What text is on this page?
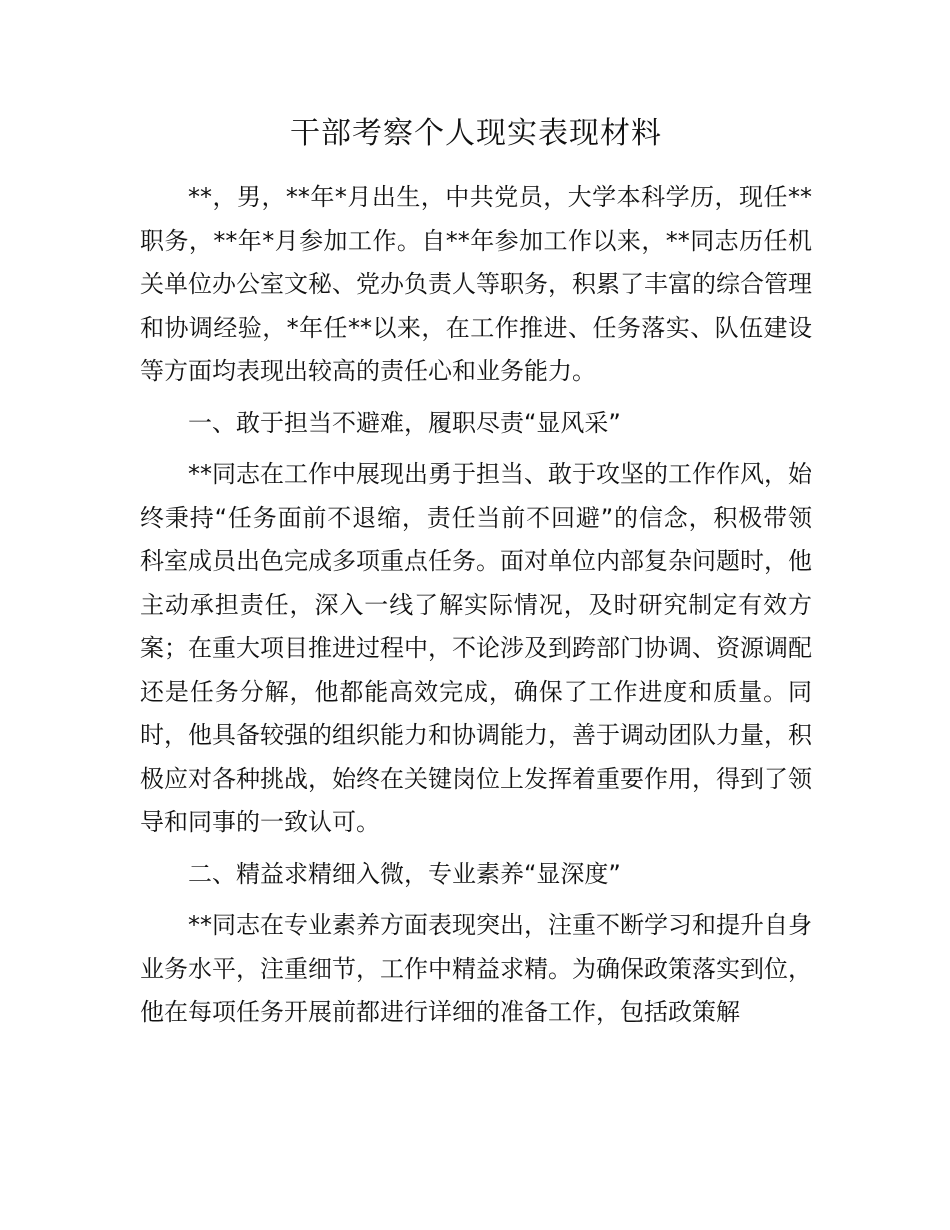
干部考察个人现实表现材料

**，男，**年*月出生，中共党员，大学本科学历，现任**职务，**年*月参加工作。自**年参加工作以来，**同志历任机关单位办公室文秘、党办负责人等职务，积累了丰富的综合管理和协调经验，*年任**以来，在工作推进、任务落实、队伍建设等方面均表现出较高的责任心和业务能力。

一、敢于担当不避难，履职尽责“显风采”

**同志在工作中展现出勇于担当、敢于攻坚的工作作风，始终秉持“任务面前不退缩，责任当前不回避”的信念，积极带领科室成员出色完成多项重点任务。面对单位内部复杂问题时，他主动承担责任，深入一线了解实际情况，及时研究制定有效方案；在重大项目推进过程中，不论涉及到跨部门协调、资源调配还是任务分解，他都能高效完成，确保了工作进度和质量。同时，他具备较强的组织能力和协调能力，善于调动团队力量，积极应对各种挑战，始终在关键岗位上发挥着重要作用，得到了领导和同事的一致认可。

二、精益求精细入微，专业素养“显深度”

**同志在专业素养方面表现突出，注重不断学习和提升自身业务水平，注重细节，工作中精益求精。为确保政策落实到位，他在每项任务开展前都进行详细的准备工作，包括政策解
